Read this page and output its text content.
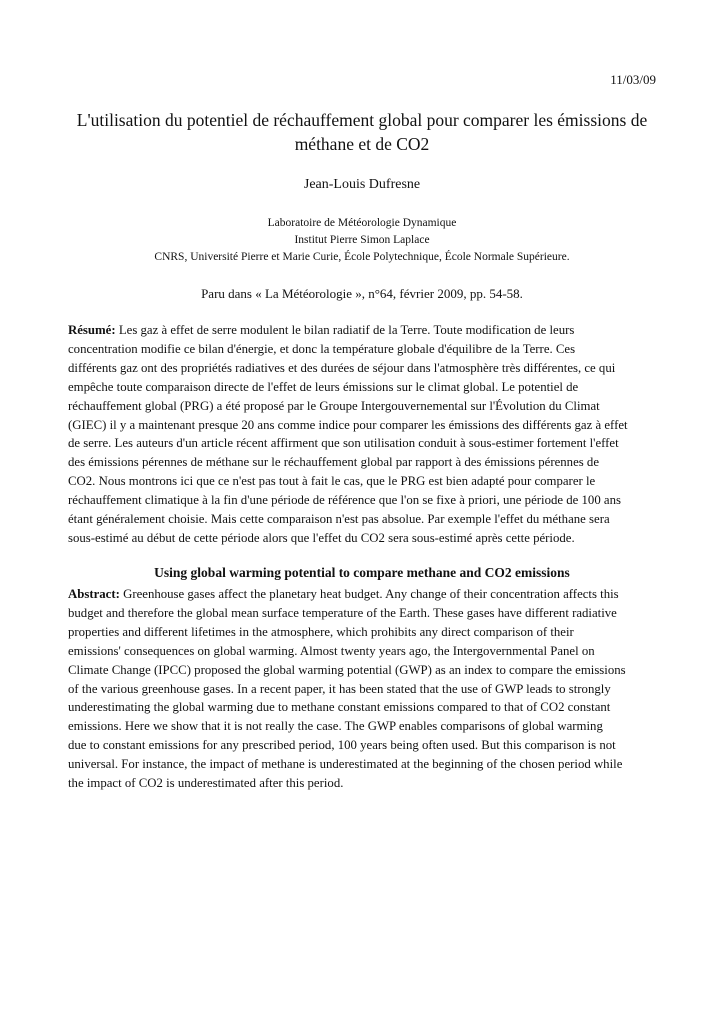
11/03/09
L'utilisation du potentiel de réchauffement global pour comparer les émissions de
méthane et de CO2
Jean-Louis Dufresne
Laboratoire de Météorologie Dynamique
Institut Pierre Simon Laplace
CNRS, Université Pierre et Marie Curie, École Polytechnique, École Normale Supérieure.
Paru dans « La Météorologie », n°64, février 2009, pp. 54-58.
Résumé: Les gaz à effet de serre modulent le bilan radiatif de la Terre. Toute modification de leurs
concentration modifie ce bilan d'énergie, et donc la température globale d'équilibre de la Terre. Ces
différents gaz ont des propriétés radiatives et des durées de séjour dans l'atmosphère très différentes, ce qui
empêche toute comparaison directe de l'effet de leurs émissions sur le climat global. Le potentiel de
réchauffement global (PRG) a été proposé par le Groupe Intergouvernemental sur l'Évolution du Climat
(GIEC) il y a maintenant presque 20 ans comme indice pour comparer les émissions des différents gaz à effet
de serre. Les auteurs d'un article récent affirment que son utilisation conduit à sous-estimer fortement l'effet
des émissions pérennes de méthane sur le réchauffement global par rapport à des émissions pérennes de
CO2. Nous montrons ici que ce n'est pas tout à fait le cas, que le PRG est bien adapté pour comparer le
réchauffement climatique à la fin d'une période de référence que l'on se fixe à priori, une période de 100 ans
étant généralement choisie. Mais cette comparaison n'est pas absolue. Par exemple l'effet du méthane sera
sous-estimé au début de cette période alors que l'effet du CO2 sera sous-estimé après cette période.
Using global warming potential to compare methane and CO2 emissions
Abstract: Greenhouse gases affect the planetary heat budget. Any change of their concentration affects this
budget and therefore the global mean surface temperature of the Earth. These gases have different radiative
properties and different lifetimes in the atmosphere, which prohibits any direct comparison of their
emissions' consequences on global warming. Almost twenty years ago, the Intergovernmental Panel on
Climate Change (IPCC) proposed the global warming potential (GWP) as an index to compare the emissions
of the various greenhouse gases. In a recent paper, it has been stated that the use of GWP leads to strongly
underestimating the global warming due to methane constant emissions compared to that of CO2 constant
emissions. Here we show that it is not really the case. The GWP enables comparisons of global warming
due to constant emissions for any prescribed period, 100 years being often used. But this comparison is not
universal. For instance, the impact of methane is underestimated at the beginning of the chosen period while
the impact of CO2 is underestimated after this period.
